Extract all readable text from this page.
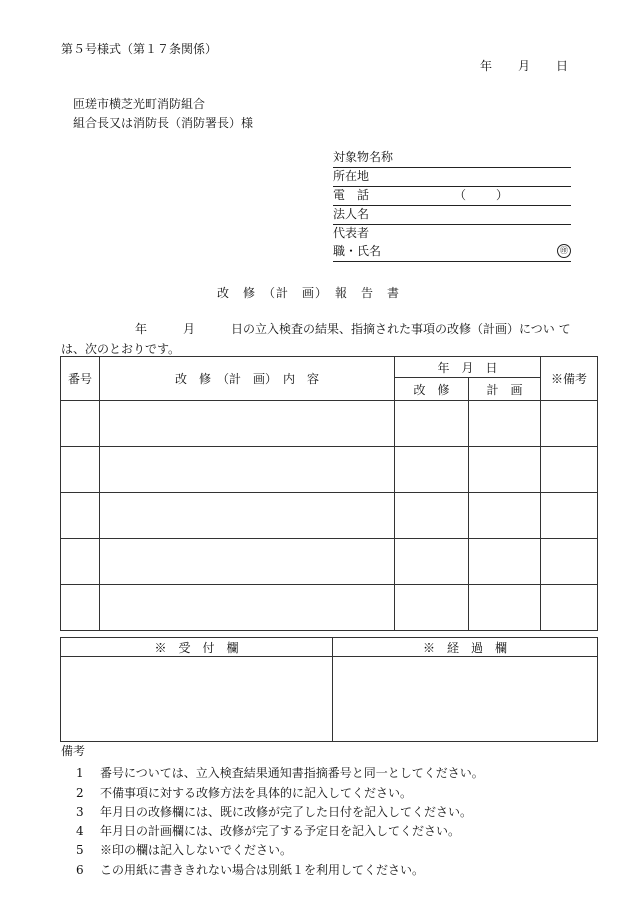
第５号様式（第１７条関係）
年 月 日
匝瑳市横芝光町消防組合
組合長又は消防長（消防署長）様
対象物名称
所在地
電　話	（ ）
法人名
代表者
職・氏名	㊞
改　修　（計　画）　報　告　書
年　　　月　　　日の立入検査の結果、指摘された事項の改修（計画）につい て
は、次のとおりです。
番号	改　修　（計　画）　内　容	年　月　日		※備考
		改　修	計　画	

※　受　付　欄	※　経　過　欄

備考
1 番号については、立入検査結果通知書指摘番号と同一としてください。
2 不備事項に対する改修方法を具体的に記入してください。
3 年月日の改修欄には、既に改修が完了した日付を記入してください。
4 年月日の計画欄には、改修が完了する予定日を記入してください。
5 ※印の欄は記入しないでください。
6 この用紙に書ききれない場合は別紙１を利用してください。
